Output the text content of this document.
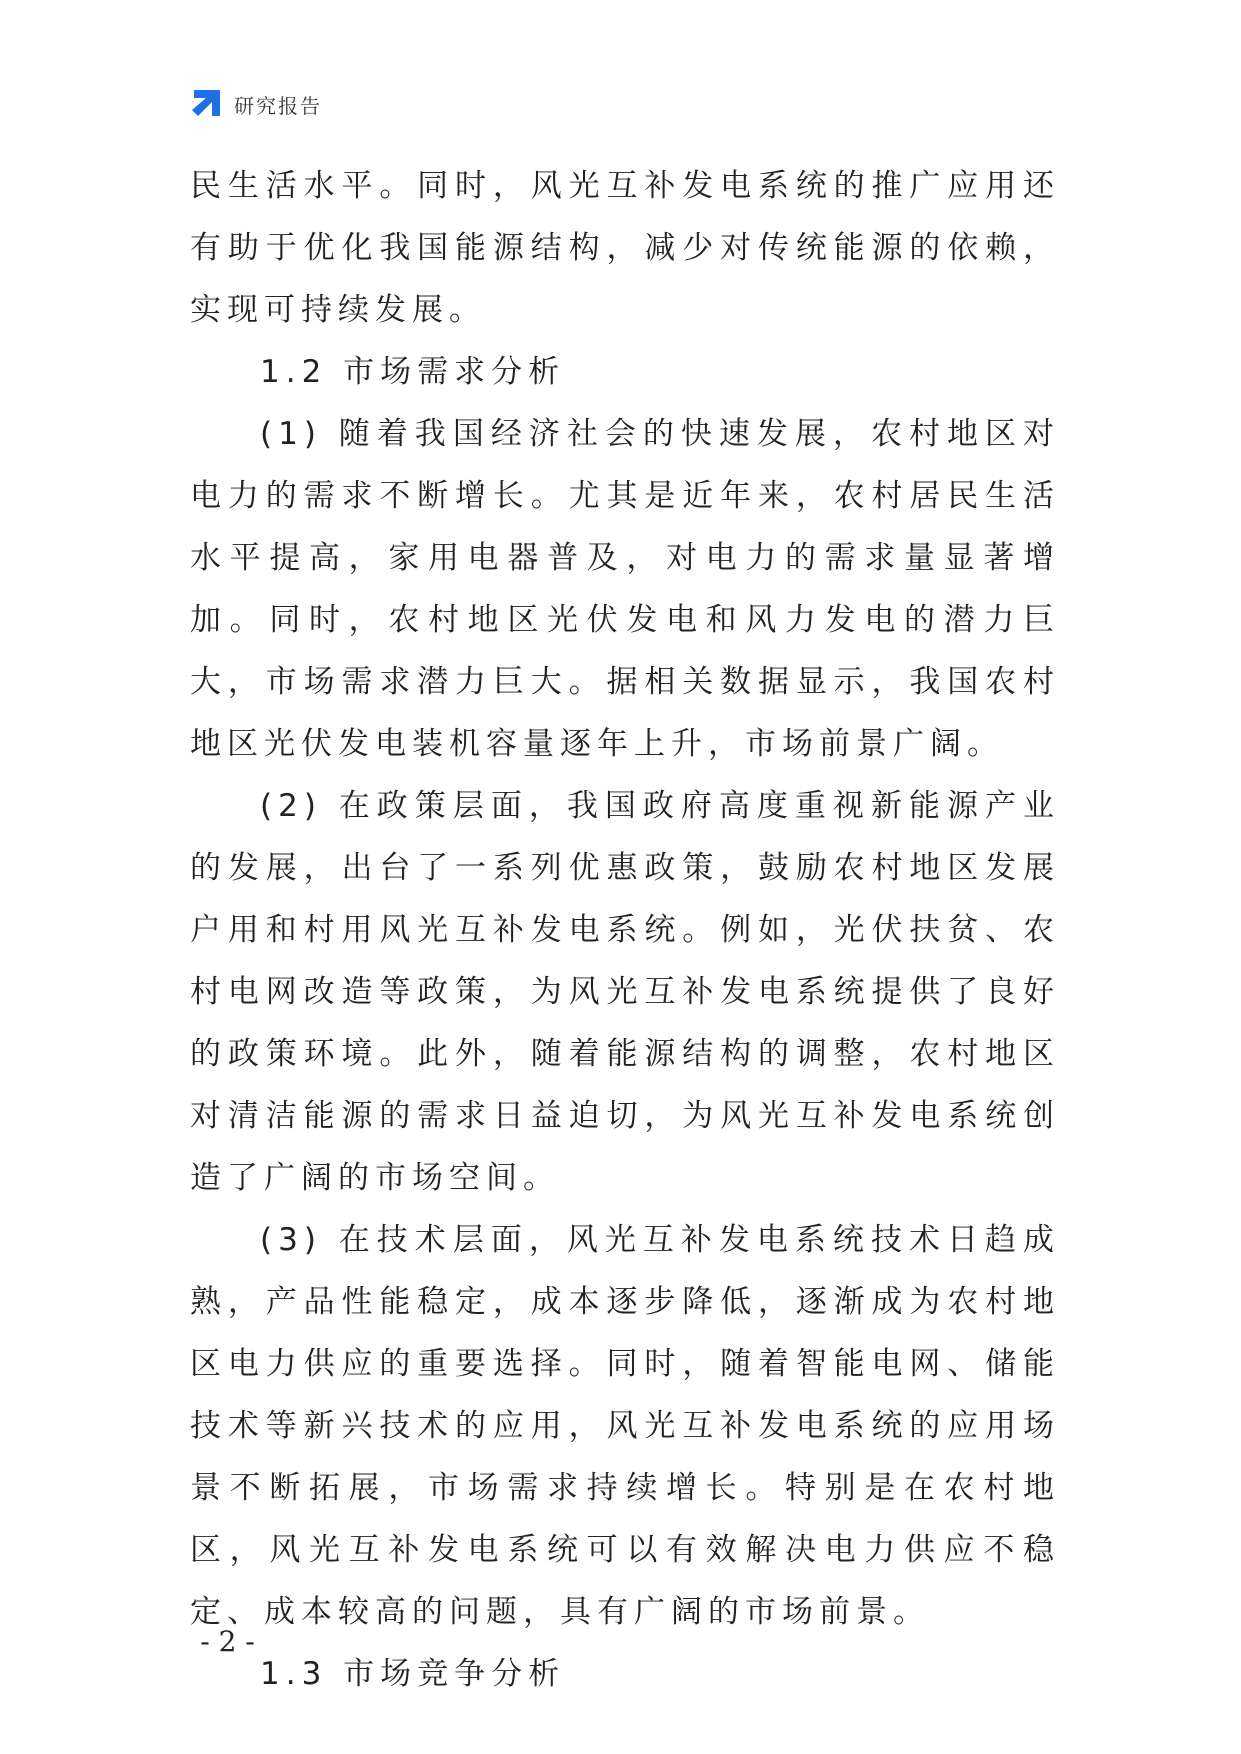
研究报告

民生活水平。同时，风光互补发电系统的推广应用还有助于优化我国能源结构，减少对传统能源的依赖，实现可持续发展。

1.2 市场需求分析

(1) 随着我国经济社会的快速发展，农村地区对电力的需求不断增长。尤其是近年来，农村居民生活水平提高，家用电器普及，对电力的需求量显著增加。同时，农村地区光伏发电和风力发电的潜力巨大，市场需求潜力巨大。据相关数据显示，我国农村地区光伏发电装机容量逐年上升，市场前景广阔。

(2) 在政策层面，我国政府高度重视新能源产业的发展，出台了一系列优惠政策，鼓励农村地区发展户用和村用风光互补发电系统。例如，光伏扶贫、农村电网改造等政策，为风光互补发电系统提供了良好的政策环境。此外，随着能源结构的调整，农村地区对清洁能源的需求日益迫切，为风光互补发电系统创造了广阔的市场空间。

(3) 在技术层面，风光互补发电系统技术日趋成熟，产品性能稳定，成本逐步降低，逐渐成为农村地区电力供应的重要选择。同时，随着智能电网、储能技术等新兴技术的应用，风光互补发电系统的应用场景不断拓展，市场需求持续增长。特别是在农村地区，风光互补发电系统可以有效解决电力供应不稳定、成本较高的问题，具有广阔的市场前景。

1.3 市场竞争分析

- 2 -
